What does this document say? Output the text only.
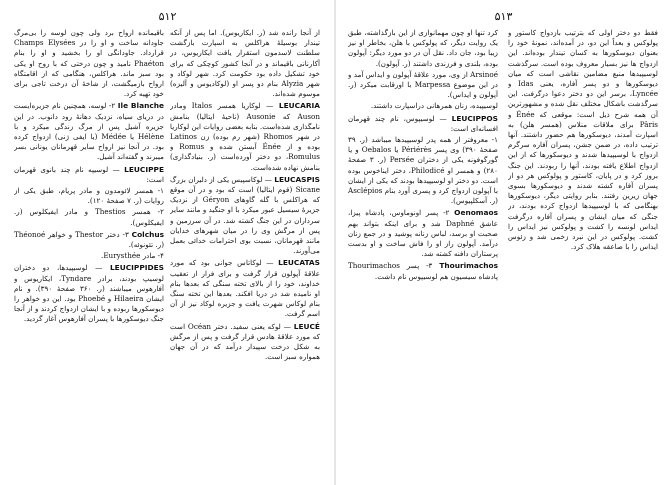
۵۱۲

از آنجا رانده شد (ر. ایکاریوس). اما پس از آنکه تیندار بوسیلهٔ هراکلس به اسپارت بازگشت سلطنت لاسدمون استقرار یافت ایکاریوس، در آکارنانی باقیماند و در آنجا کشور کوچکی که برای خود تشکیل داده بود حکومت کرد. شهر لوکاد و شهر Alyzia بنام دو پسر او (لوکادیوس و آلیزه) موسوم شده‌اند.

LEUCARIA — لوکاریا همسر Italos ومادر Auson که Ausonie (ناحیهٔ ایتالیا) بنامش نامگذاری شده‌است. بنابه بعضی روایات این لوکاریا در شهر Rhomos (شهر رم بوده) زن Latinos بوده و از Énée آبستن شده و Romus و Romulus، دو دختر آورده‌است (ر. بنیادگذاری) بنامش نهاده شده‌است.

LEUCASPIS — لوکاسپیس یکی از دلیران بزرگ Sicane (قوم ایتالیا) است که بود و در آن موقع که هراکلس با گله گاوهای Géryon از نزدیک جزیرهٔ سیسیل عبور میکرد با او جنگید و مانند سایر سرداران در این جنگ کشته شد. در آن سرزمین و پس از مرگش وی را در میان شهرهای خدایان مانند قهرمانان، نسبت بوی احترامات خدائی بعمل می‌آورند.

LEUCATAS — لوکاتاس جوانی بود که مورد علاقهٔ آپولون قرار گرفت و برای فرار از تعقیب خداوند، خود را از بالای تخته سنگی که بعدها بنام او نامیده شد در دریا افکند. بعدها این تخته سنگ بنام لوکاس شهرت یافت و جزیره لوکاد نیز از آن اسم گرفت.

LEUCÉ — لوکه یعنی سفید. دختر Océan است که مورد علاقهٔ هادس قرار گرفت و پس از مرگش به شکل درخت سپیدار درآمد که در آن جهان همواره سبز است.

باقیمانده ارواح برد ولی چون لوسه را بی‌مرگ جاودانه ساخت و او را در Champs Elysées قرارداد. جاودانگی او را بخشید و او را بنام Phaéton نامید و چون درختی که با روح او یکی بود سبز ماند. هراکلس، هنگامی که از اقامتگاه ارواح بازمیگشت، از شاخهٔ آن درخت تاجی برای خود تهیه کرد.

Ile Blanche ۲- لوسه، همچنین نام جزیره‌ایست در دریای سیاه، نزدیک دهانهٔ رود دانوب. در این جزیره آشیل پس از مرگ زندگی میکرد و با Hélène یا Médée (یا ایفی ژنی) ازدواج کرده بود. در آنجا نیز ارواح سایر قهرمانان یونانی بسر میبرند و گفته‌اند آشیل.

LEUCIPPE — لوسیپه نام چند بانوی قهرمان است:

۱- همسر لائومدون و مادر پریام، طبق یکی از روایات (ر. ۷ صفحهٔ ۱۲۰).

۲- همسر Thestios و مادر ایفیکلوس (ر. ایفیکلوس).

Colchus ۳- دختر Thestor و خواهر Théonoé (ر. تئونوئه).

۴- مادر Eurysthée.

LEUCIPPIDES — لوسیپیدها، دو دختران لوسیپ بودند، برادر Tyndare، ایکاریوس و آفارهوس میباشند (ر. ۳۶۰ صفحهٔ ۳۹۰). و نام ایشان Hilaeira و Phoebé بود. این دو خواهر را دیوسکورها ربوده و با ایشان ازدواج کردند و از آنجا جنگ دیوسکورها با پسران آفارهوس آغاز گردید.

۵۱۳

فقط دو دختر اولی که بترتیب بازدواج کاستور و پولوکس و بعداً این دو، در آمده‌اند، نمونهٔ خود را بعنوان دیوسکورها به کسان تیندار بوده‌اند. این ازدواج ها نیز بسیار معروف بوده است. سرگذشت لوسیپیدها منبع مضامین نقاشی است که میان دیوسکورها و دو پسر آفاره، یعنی Idas و Lyncée، برسر این دو دختر دعوا درگرفت. این سرگذشت باشکال مختلف نقل شده و مشهورترین آن همه شرح ذیل است: موقعی که Énée و Pâris برای ملاقات منلاس (همسر هلن) به اسپارت آمدند، دیوسکورها هم حضور داشتند. آنها ترتیب داده، در ضمن جشن، پسران آفاره سرگرم ازدواج با لوسیپیدها شدند و دیوسکورها که از این ازدواج اطلاع یافته بودند، آنها را ربودند. این جنگ بروز کرد و در پایان، کاستور و پولوکس هر دو از پسران آفاره کشته شدند و دیوسکورها بسوی جهان زیرین رفتند. بنابر روایتی دیگر، دیوسکورها بهنگامی که با لوسیپیدها ازدواج کرده بودند، در جنگی که میان ایشان و پسران آفاره درگرفت ایداس لونسه را کشت و پولوکس نیز ایداس را کشت. پولوکس در این نبرد زخمی شد و زئوس ایداس را با صاعقه هلاک کرد.

کرد تنها او چون مهمانوازی از این بازگذاشته، طبق یک روایت دیگر، که پولوکس با هلن، بخاطر او نیز زیبا بود، جان داد. نقل آن در دو مورد دیگر: آپولون بوده، بلندی و فرزندی داشتند (ر. آپولون).

Arsinoé از وی، مورد علاقهٔ آپولون و ایداس آمد و در این موضوع Marpessa با اورقابت میکرد (ر. آپولون و ایداس).

لوسیپیده، زنان همرهانی دراسپارت داشتند.

LEUCIPPOS — لوسیپوس، نام چند قهرمان افسانه‌ای است:

۱- معروفتر از همه پدر لوسیپیدها میباشد (ر. ۳۹ صفحهٔ ۳۹۰) وی پسر Périérès یا Oebalos و یا گورگوفونه یکی از دختران Persée (ر. ۳ صفحهٔ ۲۸۰) و همسر او Philodicé، دختر ایناخوس بوده است. دو دختر او لوسیپیدها بودند که یکی از ایشان با آپولون ازدواج کرد و پسری آورد بنام Asclépios (ر. آسکلپیوس).

Oenomaos ۲- پسر اونوماوس، پادشاه پیزا، عاشق Daphné شد و برای اینکه بتواند بهم صحبت او برسد، لباس زنانه پوشید و در جمع زنان درآمد. آپولون راز او را فاش ساخت و او بدست پرستاران دافنه کشته شد.

Thourimachos ۳- پسر Thourimachos پادشاه سیسیون هم لوسیپوس نام داشت.
